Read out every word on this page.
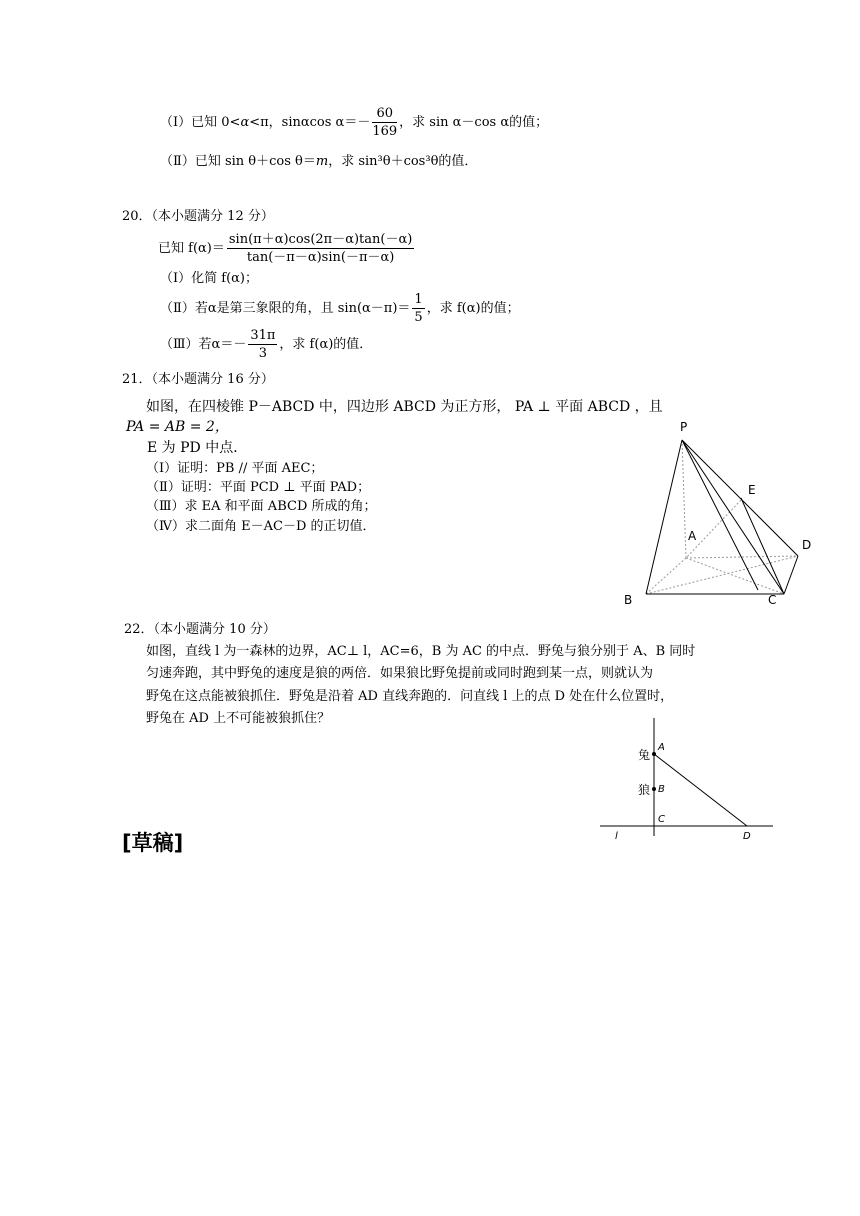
（Ⅰ）已知 0< α <π，sin αcos $\alpha =- \frac{60}{169}$ ，求 sin α－cos α 的值；
（Ⅱ）已知 sin θ＋cos θ＝m，求 sin³θ＋cos³θ的值．
20．（本小题满分 12 分）
已知 $f(\alpha)= \frac{\sin(\pi+\alpha)\cos(2\pi-\alpha)\tan(-\alpha)}{\tan(-\pi-\alpha)\sin(-\pi-\alpha)}$
（Ⅰ）化简 f(α)；
（Ⅱ）若α是第三象限的角，且 $\sin(\alpha-\pi)= \frac{1}{5}$ ，求 f(α)的值；
（Ⅲ）若$\alpha=- \frac{31\pi}{3}$ ，求 f(α)的值．
21．（本小题满分 16 分）
如图，在四棱锥 P－ABCD 中，四边形 ABCD 为正方形， PA ⊥ 平面 ABCD ，且
PA = AB = 2，
E 为 PD 中点．
（Ⅰ）证明：PB // 平面 AEC；
（Ⅱ）证明：平面 PCD ⊥ 平面 PAD；
（Ⅲ）求 EA 和平面 ABCD 所成的角；
（Ⅳ）求二面角 E－AC－D 的正切值．
P
E
A
D
B	C
22．（本小题满分 10 分）
如图，直线 l 为一森林的边界，AC⊥ l，AC=6，B 为 AC 的中点．野兔与狼分别于 A、B 同时
匀速奔跑，其中野兔的速度是狼的两倍．如果狼比野兔提前或同时跑到某一点，则就认为
野兔在这点能被狼抓住．野兔是沿着 AD 直线奔跑的．问直线 l 上的点 D 处在什么位置时，
野兔在 AD 上不可能被狼抓住？
兔
狼
A
B
C
l	D
[草稿]
